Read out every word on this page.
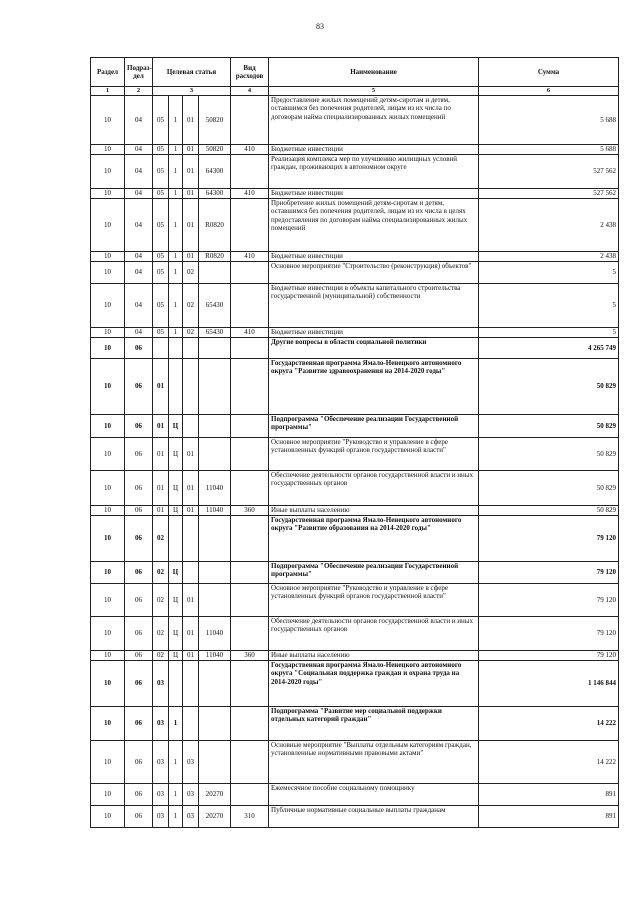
83
Раздел	Подраз-дел	Целевая статья				Вид расходов	Наименование	Сумма
1	2	3				4	5	6
10	04	05	1	01	50820		Предоставление жилых помещений детям-сиротам и детям, оставшимся без попечения родителей, лицам из их числа по договорам найма специализированных жилых помещений	5 688
10	04	05	1	01	50820	410	Бюджетные инвестиции	5 688
10	04	05	1	01	64300		Реализация комплекса мер по улучшению жилищных условий граждан, проживающих в автономном округе	527 562
10	04	05	1	01	64300	410	Бюджетные инвестиции	527 562
10	04	05	1	01	R0820		Приобретение жилых помещений детям-сиротам и детям, оставшимся без попечения родителей, лицам из их числа в целях предоставления по договорам найма специализированных жилых помещений	2 438
10	04	05	1	01	R0820	410	Бюджетные инвестиции	2 438
10	04	05	1	02			Основное мероприятие "Строительство (реконструкция) объектов"	5
10	04	05	1	02	65430		Бюджетные инвестиции в объекты капитального строительства государственной (муниципальной) собственности	5
10	04	05	1	02	65430	410	Бюджетные инвестиции	5
10	06						Другие вопросы в области социальной политики	4 265 749
10	06	01					Государственная программа Ямало-Ненецкого автономного округа "Развитие здравоохранения на 2014-2020 годы"	50 829
10	06	01	Ц				Подпрограмма "Обеспечение реализации Государственной программы"	50 829
10	06	01	Ц	01			Основное мероприятие "Руководство и управление в сфере установленных функций органов государственной власти"	50 829
10	06	01	Ц	01	11040		Обеспечение деятельности органов государственной власти и иных государственных органов	50 829
10	06	01	Ц	01	11040	360	Иные выплаты населению	50 829
10	06	02					Государственная программа Ямало-Ненецкого автономного округа "Развитие образования на 2014-2020 годы"	79 120
10	06	02	Ц				Подпрограмма "Обеспечение реализации Государственной программы"	79 120
10	06	02	Ц	01			Основное мероприятие "Руководство и управление в сфере установленных функций органов государственной власти"	79 120
10	06	02	Ц	01	11040		Обеспечение деятельности органов государственной власти и иных государственных органов	79 120
10	06	02	Ц	01	11040	360	Иные выплаты населению	79 120
10	06	03					Государственная программа Ямало-Ненецкого автономного округа "Социальная поддержка граждан и охрана труда на 2014-2020 годы"	1 146 844
10	06	03	1				Подпрограмма "Развитие мер социальной поддержки отдельных категорий граждан"	14 222
10	06	03	1	03			Основные мероприятие "Выплаты отдельным категориям граждан, установленные нормативными правовыми актами"	14 222
10	06	03	1	03	20270		Ежемесячное пособие социальному помощнику	891
10	06	03	1	03	20270	310	Публичные нормативные социальные выплаты гражданам	891
